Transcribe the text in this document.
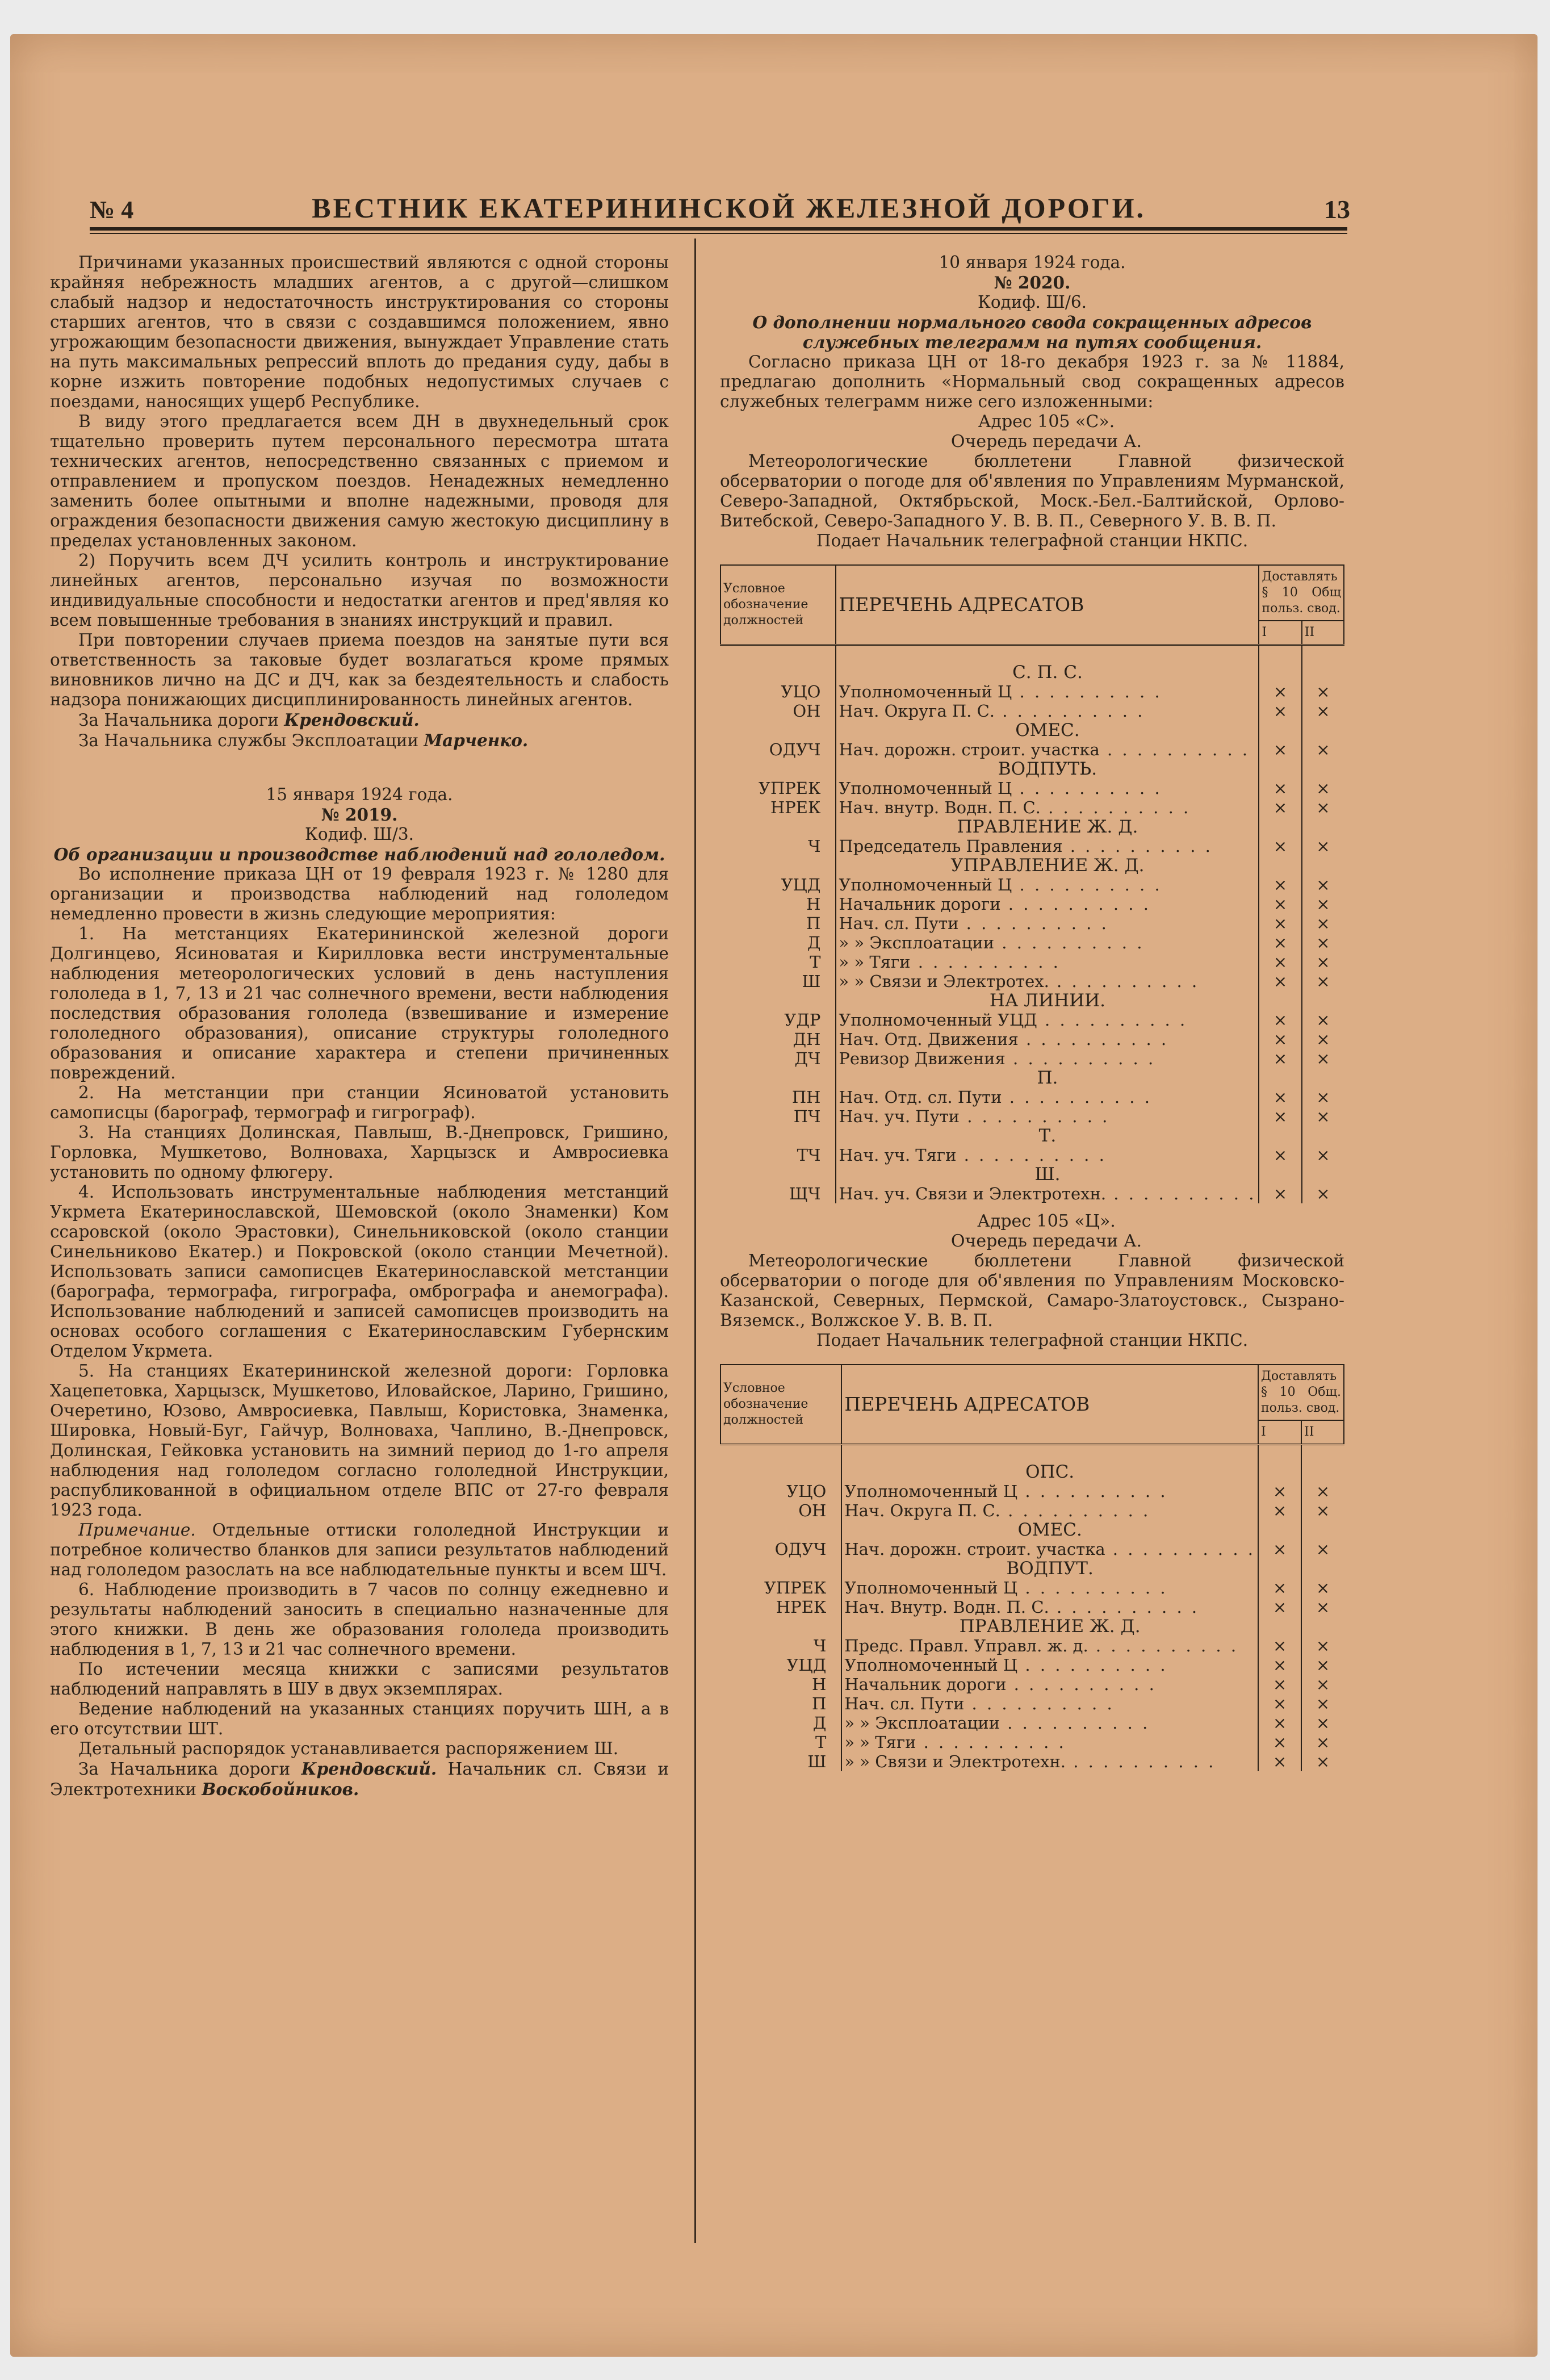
№ 4	ВЕСТНИК ЕКАТЕРИНИНСКОЙ ЖЕЛЕЗНОЙ ДОРОГИ.	13

Причинами указанных происшествий являются с одной стороны крайняя небрежность младших агентов, а с другой—слишком слабый надзор и недостаточность инструктирования со стороны старших агентов, что в связи с создавшимся положением, явно угрожающим безопасности движения, вынуждает Управление стать на путь максимальных репрессий вплоть до предания суду, дабы в корне изжить повторение подобных недопустимых случаев с поездами, наносящих ущерб Республике.

В виду этого предлагается всем ДН в двухнедельный срок тщательно проверить путем персонального пересмотра штата технических агентов, непосредственно связанных с приемом и отправлением и пропуском поездов. Ненадежных немедленно заменить более опытными и вполне надежными, проводя для ограждения безопасности движения самую жестокую дисциплину в пределах установленных законом.

2) Поручить всем ДЧ усилить контроль и инструктирование линейных агентов, персонально изучая по возможности индивидуальные способности и недостатки агентов и пред'являя ко всем повышенные требования в знаниях инструкций и правил.

При повторении случаев приема поездов на занятые пути вся ответственность за таковые будет возлагаться кроме прямых виновников лично на ДС и ДЧ, как за бездеятельность и слабость надзора понижающих дисциплинированность линейных агентов.

За Начальника дороги Крендовский.

За Начальника службы Эксплоатации Марченко.

15 января 1924 года.

№ 2019.

Кодиф. Ш/3.

Об организации и производстве наблюдений над гололедом.

Во исполнение приказа ЦН от 19 февраля 1923 г. № 1280 для организации и производства наблюдений над гололедом немедленно провести в жизнь следующие мероприятия:

1. На метстанциях Екатерининской железной дороги Долгинцево, Ясиноватая и Кирилловка вести инструментальные наблюдения метеорологических условий в день наступления гололеда в 1, 7, 13 и 21 час солнечного времени, вести наблюдения последствия образования гололеда (взвешивание и измерение гололедного образования), описание структуры гололедного образования и описание характера и степени причиненных повреждений.

2. На метстанции при станции Ясиноватой установить самописцы (барограф, термограф и гигрограф).

3. На станциях Долинская, Павлыш, В.-Днепровск, Гришино, Горловка, Мушкетово, Волноваха, Харцызск и Амвросиевка установить по одному флюгеру.

4. Использовать инструментальные наблюдения метстанций Укрмета Екатеринославской, Шемовской (около Знаменки) Ком ссаровской (около Эрастовки), Синельниковской (около станции Синельниково Екатер.) и Покровской (около станции Мечетной). Использовать записи самописцев Екатеринославской метстанции (барографа, термографа, гигрографа, омбрографа и анемографа). Использование наблюдений и записей самописцев производить на основах особого соглашения с Екатеринославским Губернским Отделом Укрмета.

5. На станциях Екатерининской железной дороги: Горловка Хацепетовка, Харцызск, Мушкетово, Иловайское, Ларино, Гришино, Очеретино, Юзово, Амвросиевка, Павлыш, Користовка, Знаменка, Шировка, Новый-Буг, Гайчур, Волноваха, Чаплино, В.-Днепровск, Долинская, Гейковка установить на зимний период до 1-го апреля наблюдения над гололедом согласно гололедной Инструкции, распубликованной в официальном отделе ВПС от 27-го февраля 1923 года.

Примечание. Отдельные оттиски гололедной Инструкции и потребное количество бланков для записи результатов наблюдений над гололедом разослать на все наблюдательные пункты и всем ШЧ.

6. Наблюдение производить в 7 часов по солнцу ежедневно и результаты наблюдений заносить в специально назначенные для этого книжки. В день же образования гололеда производить наблюдения в 1, 7, 13 и 21 час солнечного времени.

По истечении месяца книжки с записями результатов наблюдений направлять в ШУ в двух экземплярах.

Ведение наблюдений на указанных станциях поручить ШН, а в его отсутствии ШТ.

Детальный распорядок устанавливается распоряжением Ш.

За Начальника дороги Крендовский. Начальник сл. Связи и Электротехники Воскобойников.

10 января 1924 года.

№ 2020.

Кодиф. Ш/6.

О дополнении нормального свода сокращенных адресов служебных телеграмм на путях сообщения.

Согласно приказа ЦН от 18-го декабря 1923 г. за № 11884, предлагаю дополнить «Нормальный свод сокращенных адресов служебных телеграмм ниже сего изложенными:

Адрес 105 «С».

Очередь передачи А.

Метеорологические бюллетени Главной физической обсерватории о погоде для об'явления по Управлениям Мурманской, Северо-Западной, Октябрьской, Моск.-Бел.-Балтийской, Орлово-Витебской, Северо-Западного У. В. В. П., Северного У. В. В. П.

Подает Начальник телеграфной станции НКПС.

Условное обозначение должностей	ПЕРЕЧЕНЬ АДРЕСАТОВ	Доставлять § 10 Общ польз. свод.	
		I	II

	С. П. С.		
УЦО	Уполномоченный Ц . . . . . . . . . .	×	×
ОН	Нач. Округа П. С. . . . . . . . . . .	×	×
	ОМЕС.		
ОДУЧ	Нач. дорожн. строит. участка . . . . . . . . . .	×	×
	ВОДПУТЬ.		
УПРЕК	Уполномоченный Ц . . . . . . . . . .	×	×
НРЕК	Нач. внутр. Водн. П. С. . . . . . . . . . .	×	×
	ПРАВЛЕНИЕ Ж. Д.		
Ч	Председатель Правления . . . . . . . . . .	×	×
	УПРАВЛЕНИЕ Ж. Д.		
УЦД	Уполномоченный Ц . . . . . . . . . .	×	×
Н	Начальник дороги . . . . . . . . . .	×	×
П	Нач. сл. Пути . . . . . . . . . .	×	×
Д	» » Эксплоатации . . . . . . . . . .	×	×
Т	» » Тяги . . . . . . . . . .	×	×
Ш	» » Связи и Электротех. . . . . . . . . . .	×	×
	НА ЛИНИИ.		
УДР	Уполномоченный УЦД . . . . . . . . . .	×	×
ДН	Нач. Отд. Движения . . . . . . . . . .	×	×
ДЧ	Ревизор Движения . . . . . . . . . .	×	×
	П.		
ПН	Нач. Отд. сл. Пути . . . . . . . . . .	×	×
ПЧ	Нач. уч. Пути . . . . . . . . . .	×	×
	Т.		
ТЧ	Нач. уч. Тяги . . . . . . . . . .	×	×
	Ш.		
ЩЧ	Нач. уч. Связи и Электротехн. . . . . . . . . . .	×	×

Адрес 105 «Ц».

Очередь передачи А.

Метеорологические бюллетени Главной физической обсерватории о погоде для об'явления по Управлениям Московско-Казанской, Северных, Пермской, Самаро-Златоустовск., Сызрано-Вяземск., Волжское У. В. В. П.

Подает Начальник телеграфной станции НКПС.

Условное обозначение должностей	ПЕРЕЧЕНЬ АДРЕСАТОВ	Доставлять § 10 Общ. польз. свод.	
		I	II

	ОПС.		
УЦО	Уполномоченный Ц . . . . . . . . . .	×	×
ОН	Нач. Округа П. С. . . . . . . . . . .	×	×
	ОМЕС.		
ОДУЧ	Нач. дорожн. строит. участка . . . . . . . . . .	×	×
	ВОДПУТ.		
УПРЕК	Уполномоченный Ц . . . . . . . . . .	×	×
НРЕК	Нач. Внутр. Водн. П. С. . . . . . . . . . .	×	×
	ПРАВЛЕНИЕ Ж. Д.		
Ч	Предс. Правл. Управл. ж. д. . . . . . . . . . .	×	×
УЦД	Уполномоченный Ц . . . . . . . . . .	×	×
Н	Начальник дороги . . . . . . . . . .	×	×
П	Нач. сл. Пути . . . . . . . . . .	×	×
Д	» » Эксплоатации . . . . . . . . . .	×	×
Т	» » Тяги . . . . . . . . . .	×	×
Ш	» » Связи и Электротехн. . . . . . . . . . .	×	×
